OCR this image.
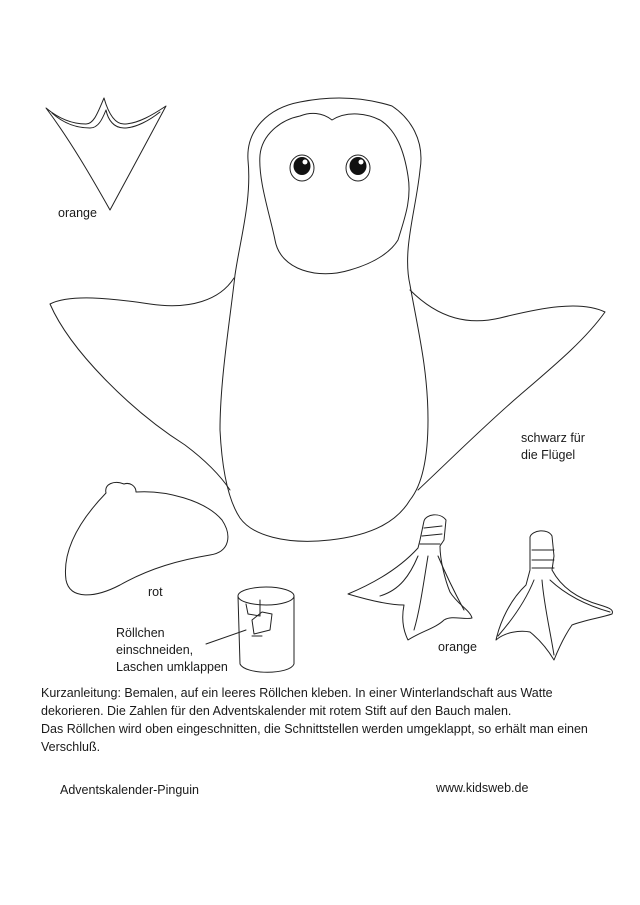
orange
schwarz für
die Flügel
rot
Röllchen
einschneiden,
Laschen umklappen
orange

Kurzanleitung: Bemalen, auf ein leeres Röllchen kleben. In einer Winterlandschaft aus Watte dekorieren. Die Zahlen für den Adventskalender mit rotem Stift auf den Bauch malen.

Das Röllchen wird oben eingeschnitten, die Schnittstellen werden umgeklappt, so erhält man einen Verschluß.

Adventskalender-Pinguin	www.kidsweb.de
